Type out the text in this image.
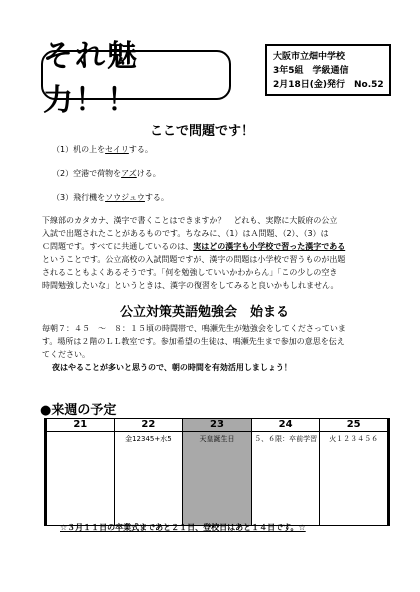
それ魅力！！
大阪市立畑中学校
3年5組　学級通信
2月18日(金)発行　No.52
ここで問題です！
（1）机の上をセイリする。
（2）空港で荷物をアズける。
（3）飛行機をソウジュウする。
下線部のカタカナ、漢字で書くことはできますか？　どれも、実際に大阪府の公立
入試で出題されたことがあるものです。ちなみに、（1）はＡ問題、（2）、（3）は
Ｃ問題です。すべてに共通しているのは、実はどの漢字も小学校で習った漢字である
ということです。公立高校の入試問題ですが、漢字の問題は小学校で習うものが出題
されることもよくあるそうです。「何を勉強していいかわからん」「この少しの空き
時間勉強したいな」というときは、漢字の復習をしてみると良いかもしれません。
公立対策英語勉強会　始まる
毎朝７：４５　～　８：１５頃の時間帯で、鳴瀬先生が勉強会をしてくださっていま
す。場所は２階のＬＬ教室です。参加希望の生徒は、鳴瀬先生まで参加の意思を伝え
てください。
夜はやることが多いと思うので、朝の時間を有効活用しましょう！
●来週の予定
21	22	23	24	25

	金12345+水5	天皇誕生日	５、６限：卒前学習	火１２３４５６
☆３月１１日の卒業式まであと２１日、登校日はあと１４日です。☆
